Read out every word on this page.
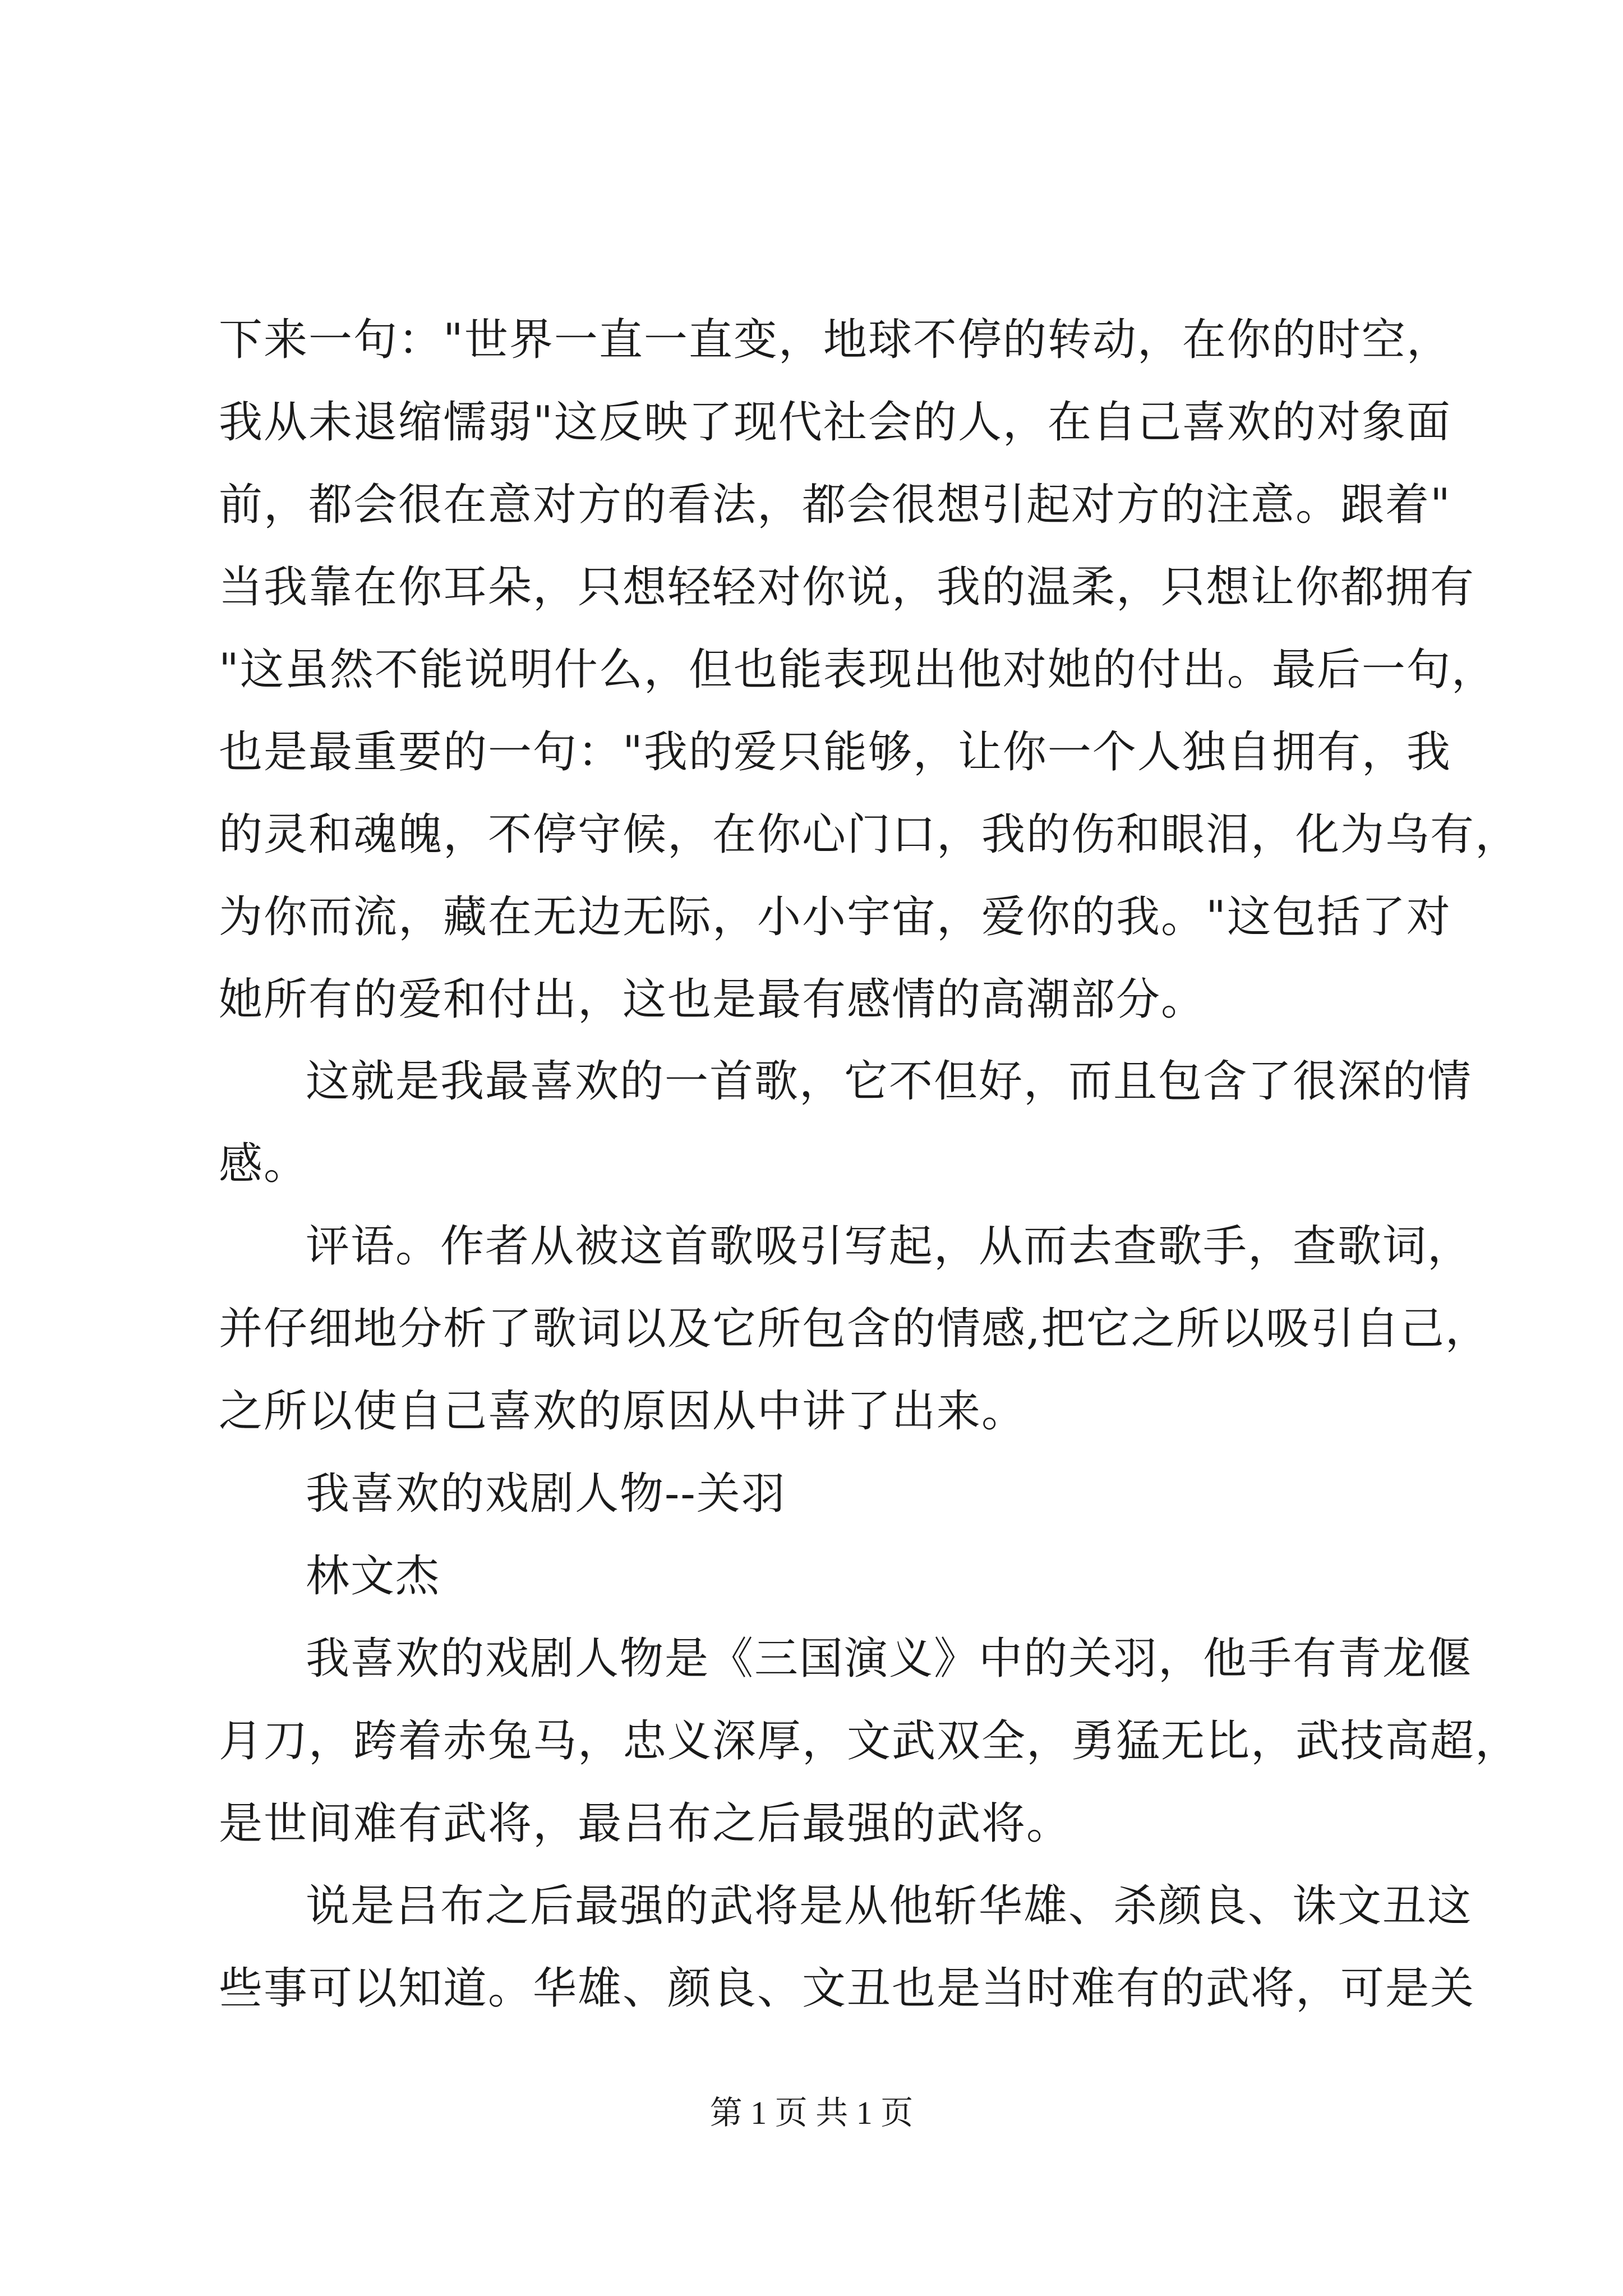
下来一句："世界一直一直变，地球不停的转动，在你的时空，
我从未退缩懦弱"这反映了现代社会的人，在自己喜欢的对象面
前，都会很在意对方的看法，都会很想引起对方的注意。跟着"
当我靠在你耳朵，只想轻轻对你说，我的温柔，只想让你都拥有
"这虽然不能说明什么，但也能表现出他对她的付出。最后一句，
也是最重要的一句："我的爱只能够，让你一个人独自拥有，我
的灵和魂魄，不停守候，在你心门口，我的伤和眼泪，化为乌有，
为你而流，藏在无边无际，小小宇宙，爱你的我。"这包括了对
她所有的爱和付出，这也是最有感情的高潮部分。
这就是我最喜欢的一首歌，它不但好，而且包含了很深的情
感。
评语。作者从被这首歌吸引写起，从而去查歌手，查歌词，
并仔细地分析了歌词以及它所包含的情感,把它之所以吸引自己，
之所以使自己喜欢的原因从中讲了出来。
我喜欢的戏剧人物--关羽
林文杰
我喜欢的戏剧人物是《三国演义》中的关羽，他手有青龙偃
月刀，跨着赤兔马，忠义深厚，文武双全，勇猛无比，武技高超，
是世间难有武将，最吕布之后最强的武将。
说是吕布之后最强的武将是从他斩华雄、杀颜良、诛文丑这
些事可以知道。华雄、颜良、文丑也是当时难有的武将，可是关
第 1 页 共 1 页
